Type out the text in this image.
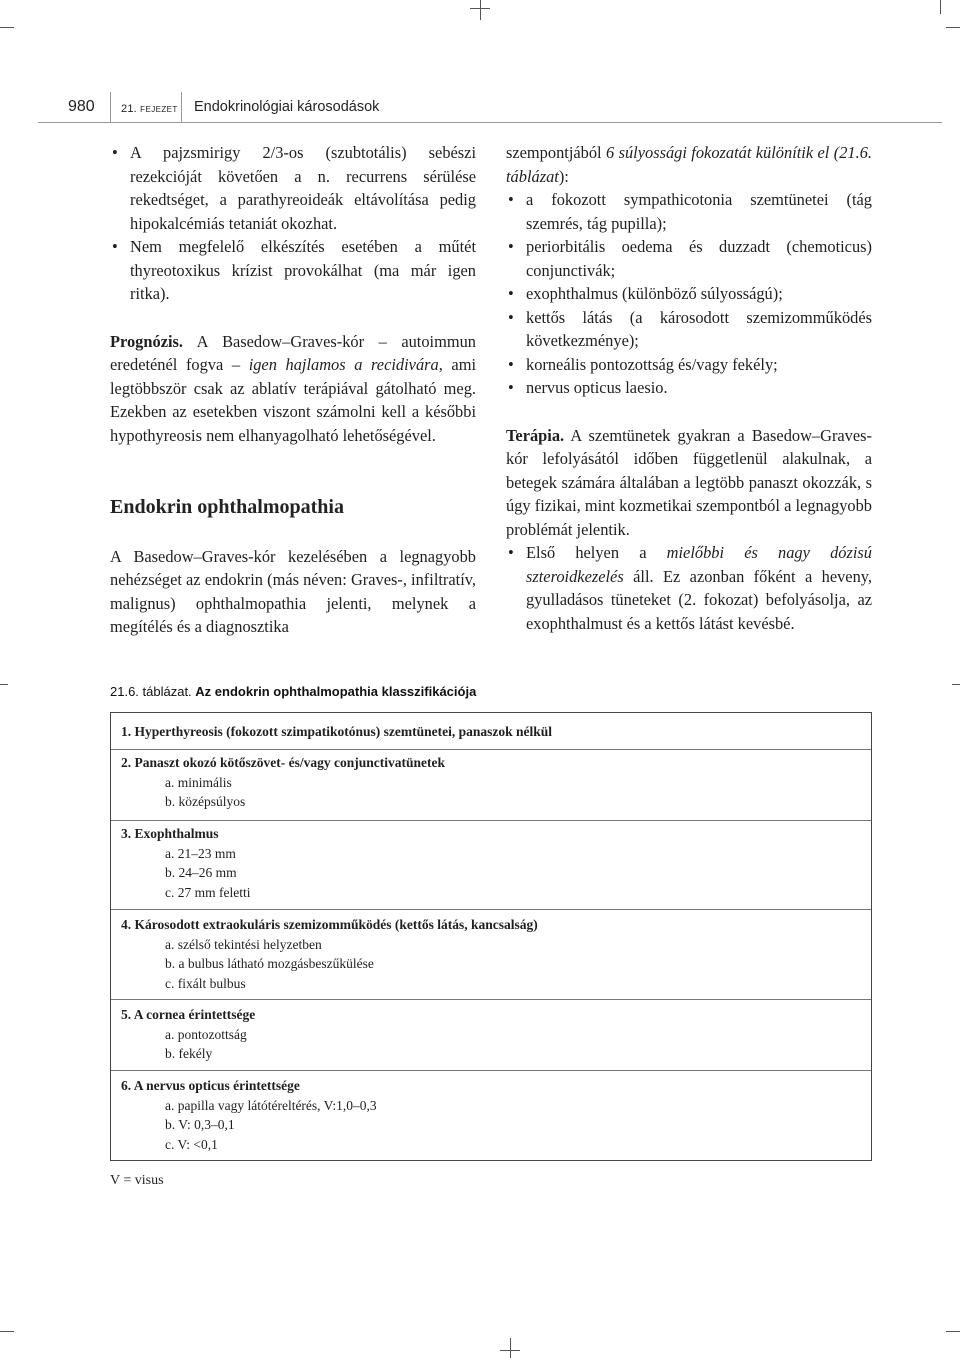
980 21. FEJEZET Endokrinológiai károsodások
• A pajzsmirigy 2/3-os (szubtotális) sebészi rezekcióját követően a n. recurrens sérülése rekedtséget, a parathyreoideák eltávolítása pedig hipokalcémiás tetaniát okozhat.
• Nem megfelelő elkészítés esetében a műtét thyreotoxikus krízist provokálhat (ma már igen ritka).

Prognózis. A Basedow–Graves-kór – autoimmun eredeténél fogva – igen hajlamos a recidivára, ami legtöbbször csak az ablatív terápiával gátolható meg. Ezekben az esetekben viszont számolni kell a későbbi hypothyreosis nem elhanyagolható lehetőségével.

Endokrin ophthalmopathia

A Basedow–Graves-kór kezelésében a legnagyobb nehézséget az endokrin (más néven: Graves-, infiltratív, malignus) ophthalmopathia jelenti, melynek a megítélés és a diagnosztika

szempontjából 6 súlyossági fokozatát különítik el (21.6. táblázat):

• a fokozott sympathicotonia szemtünetei (tág szemrés, tág pupilla);
• periorbitális oedema és duzzadt (chemoticus) conjunctivák;
• exophthalmus (különböző súlyosságú);
• kettős látás (a károsodott szemizomműködés következménye);
• korneális pontozottság és/vagy fekély;
• nervus opticus laesio.

Terápia. A szemtünetek gyakran a Basedow–Graves-kór lefolyásától időben függetlenül alakulnak, a betegek számára általában a legtöbb panaszt okozzák, s úgy fizikai, mint kozmetikai szempontból a legnagyobb problémát jelentik.

• Első helyen a mielőbbi és nagy dózisú szteroidkezelés áll. Ez azonban főként a heveny, gyulladásos tüneteket (2. fokozat) befolyásolja, az exophthalmust és a kettős látást kevésbé.
21.6. táblázat. Az endokrin ophthalmopathia klasszifikációja
1. Hyperthyreosis (fokozott szimpatikotónus) szemtünetei, panaszok nélkül
2. Panaszt okozó kötőszövet- és/vagy conjunctivatünetek
a. minimális
b. középsúlyos
3. Exophthalmus
a. 21–23 mm
b. 24–26 mm
c. 27 mm feletti
4. Károsodott extraokuláris szemizomműködés (kettős látás, kancsalság)
a. szélső tekintési helyzetben
b. a bulbus látható mozgásbeszűkülése
c. fixált bulbus
5. A cornea érintettsége
a. pontozottság
b. fekély
6. A nervus opticus érintettsége
a. papilla vagy látótéreltérés, V:1,0–0,3
b. V: 0,3–0,1
c. V: <0,1
V = visus
